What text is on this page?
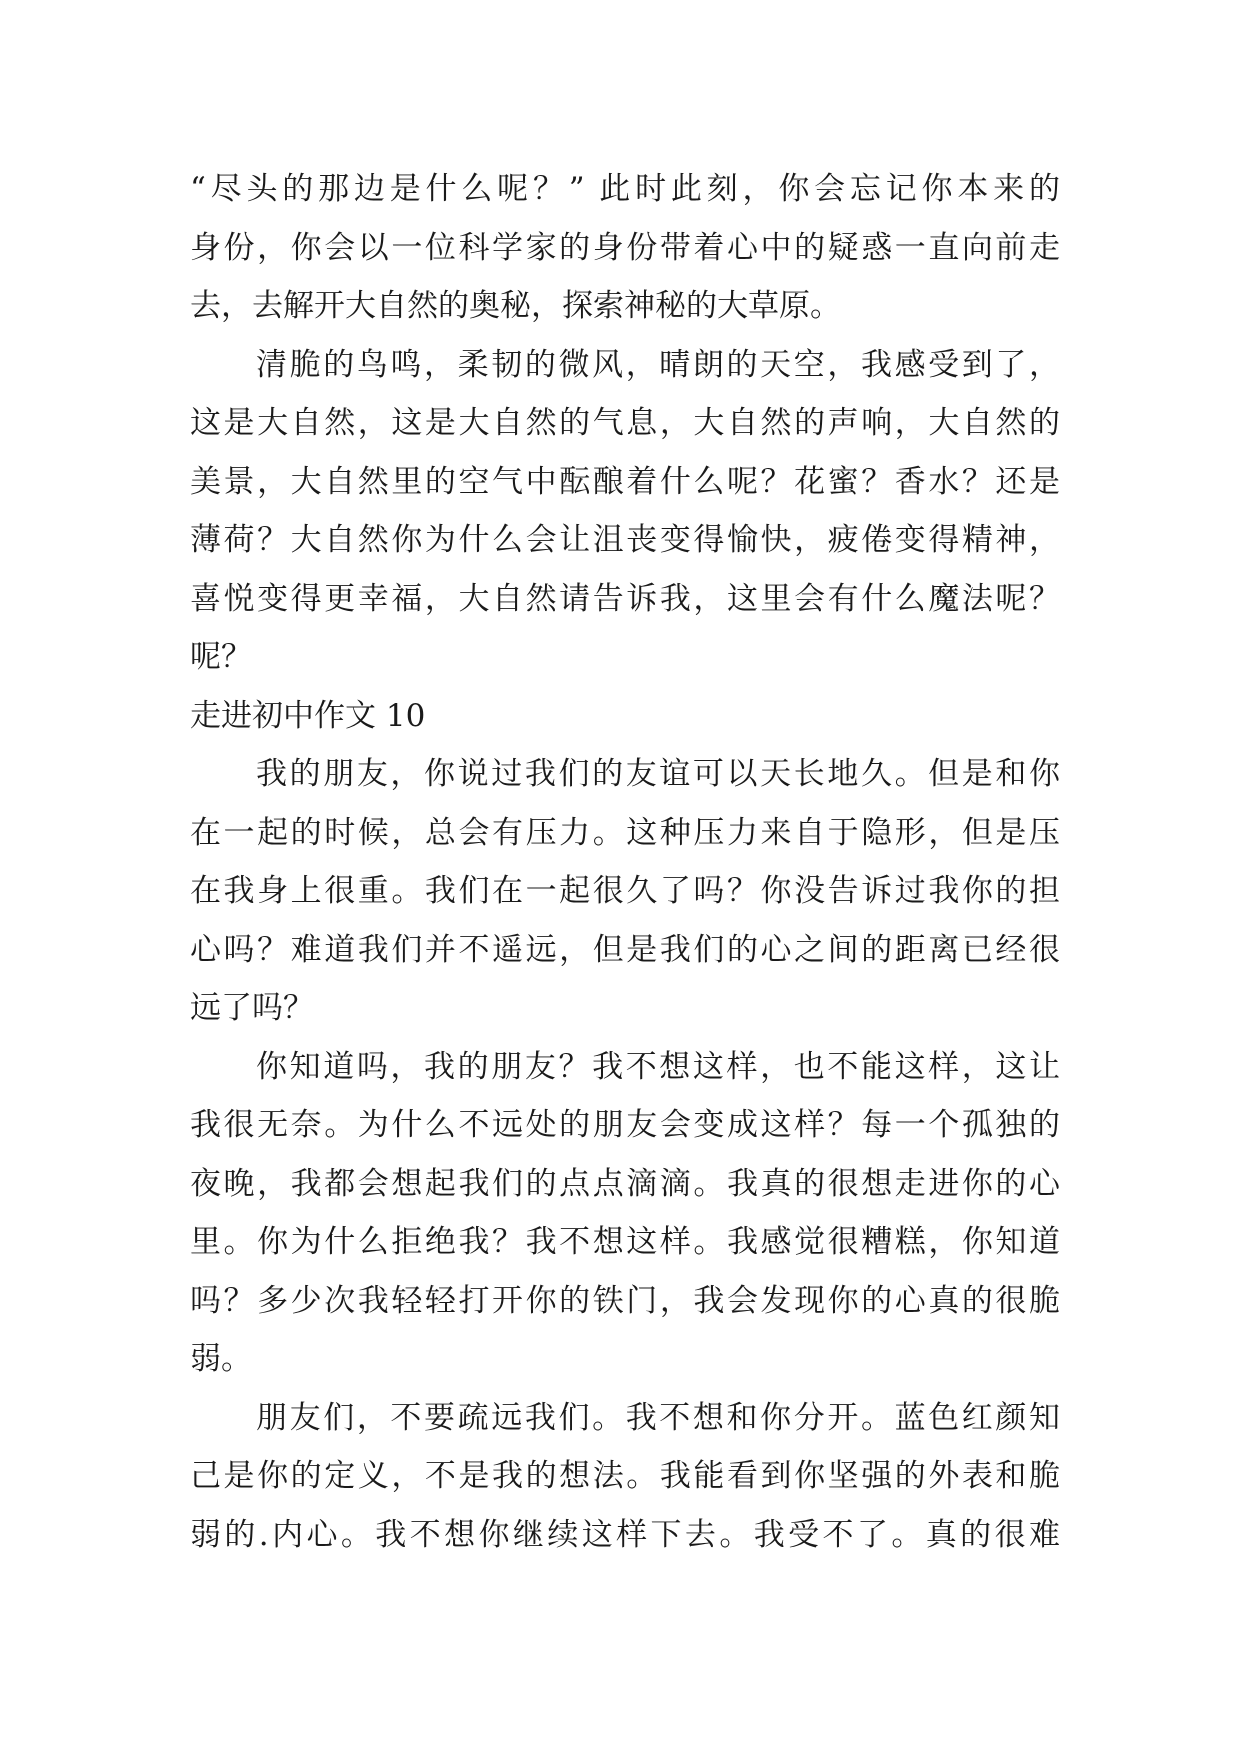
“尽头的那边是什么呢？” 此时此刻，你会忘记你本来的
身份，你会以一位科学家的身份带着心中的疑惑一直向前走
去，去解开大自然的奥秘，探索神秘的大草原。
清脆的鸟鸣，柔韧的微风，晴朗的天空，我感受到了，
这是大自然，这是大自然的气息，大自然的声响，大自然的
美景，大自然里的空气中酝酿着什么呢？花蜜？香水？还是
薄荷？大自然你为什么会让沮丧变得愉快，疲倦变得精神，
喜悦变得更幸福，大自然请告诉我，这里会有什么魔法呢？
呢？
走进初中作文 10
我的朋友，你说过我们的友谊可以天长地久。但是和你
在一起的时候，总会有压力。这种压力来自于隐形，但是压
在我身上很重。我们在一起很久了吗？你没告诉过我你的担
心吗？难道我们并不遥远，但是我们的心之间的距离已经很
远了吗？
你知道吗，我的朋友？我不想这样，也不能这样，这让
我很无奈。为什么不远处的朋友会变成这样？每一个孤独的
夜晚，我都会想起我们的点点滴滴。我真的很想走进你的心
里。你为什么拒绝我？我不想这样。我感觉很糟糕，你知道
吗？多少次我轻轻打开你的铁门，我会发现你的心真的很脆
弱。
朋友们，不要疏远我们。我不想和你分开。蓝色红颜知
己是你的定义，不是我的想法。我能看到你坚强的外表和脆
弱的.内心。我不想你继续这样下去。我受不了。真的很难
